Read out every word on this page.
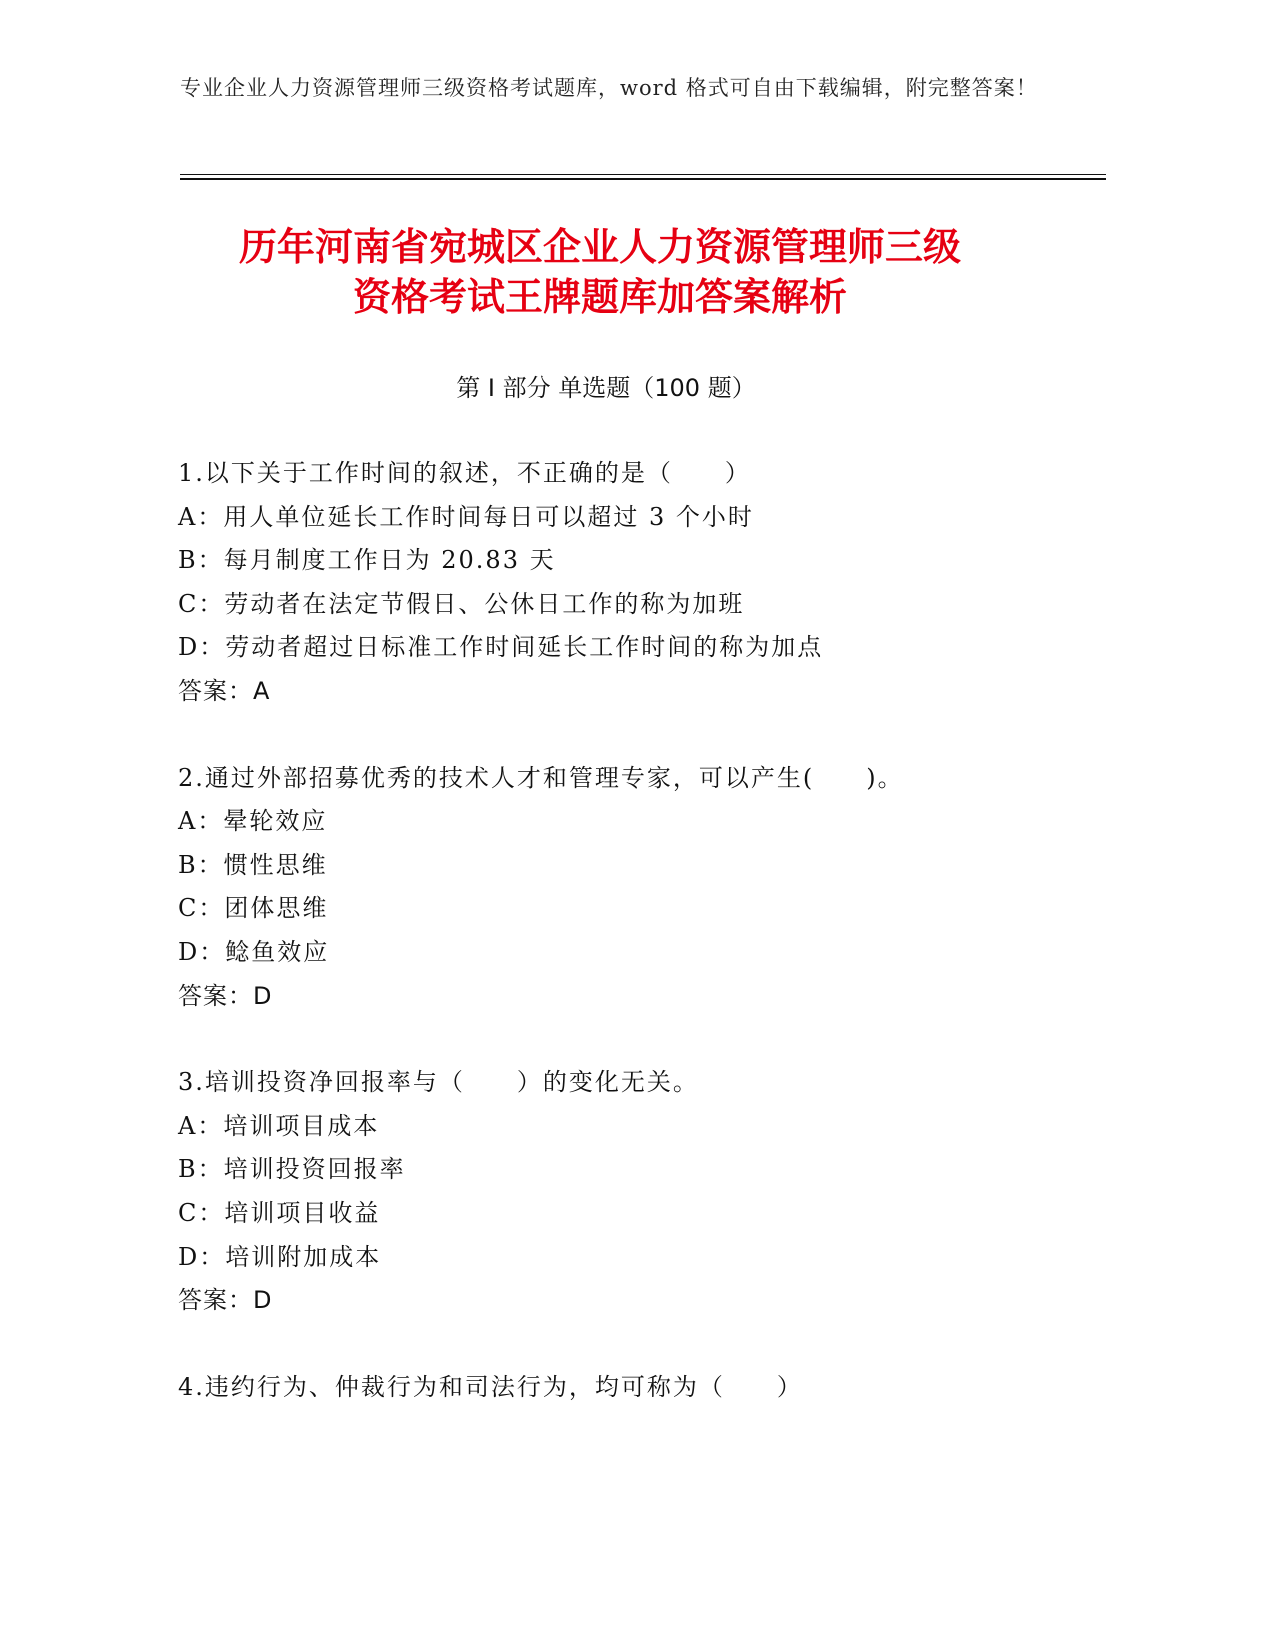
专业企业人力资源管理师三级资格考试题库，word 格式可自由下载编辑，附完整答案！
历年河南省宛城区企业人力资源管理师三级
资格考试王牌题库加答案解析
第 I 部分 单选题（100 题）
1.以下关于工作时间的叙述，不正确的是（　　）
A：用人单位延长工作时间每日可以超过 3 个小时
B：每月制度工作日为 20.83 天
C：劳动者在法定节假日、公休日工作的称为加班
D：劳动者超过日标准工作时间延长工作时间的称为加点
答案：A
2.通过外部招募优秀的技术人才和管理专家，可以产生(　　)。
A：晕轮效应
B：惯性思维
C：团体思维
D：鲶鱼效应
答案：D
3.培训投资净回报率与（　　）的变化无关。
A：培训项目成本
B：培训投资回报率
C：培训项目收益
D：培训附加成本
答案：D
4.违约行为、仲裁行为和司法行为，均可称为（　　）
